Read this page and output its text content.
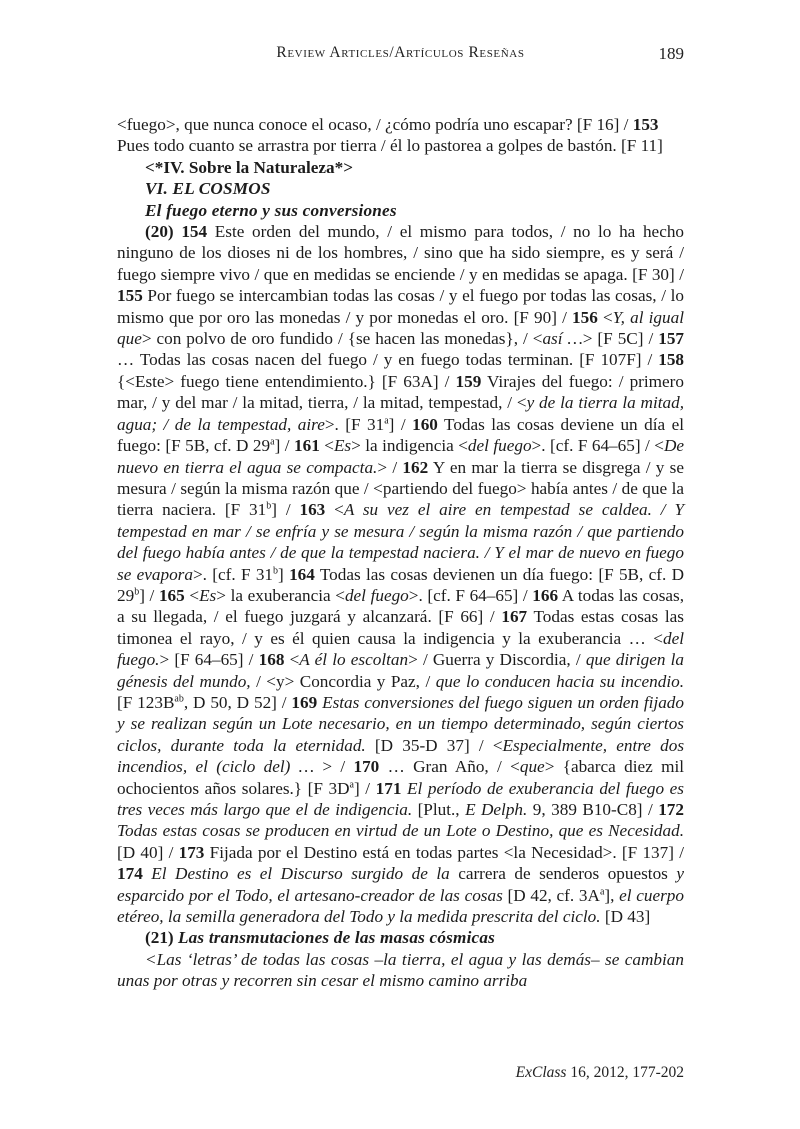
Review Articles/Artículos Reseñas	189

<fuego>, que nunca conoce el ocaso, / ¿cómo podría uno escapar? [F 16] / 153

Pues todo cuanto se arrastra por tierra / él lo pastorea a golpes de bastón. [F 11]

<*IV. Sobre la Naturaleza*>

VI. EL COSMOS

El fuego eterno y sus conversiones

(20) 154 Este orden del mundo, / el mismo para todos, / no lo ha hecho ninguno de los dioses ni de los hombres, / sino que ha sido siempre, es y será / fuego siempre vivo / que en medidas se enciende / y en medidas se apaga. [F 30] / 155 Por fuego se intercambian todas las cosas / y el fuego por todas las cosas, / lo mismo que por oro las monedas / y por monedas el oro. [F 90] / 156 <Y, al igual que> con polvo de oro fundido / {se hacen las monedas}, / <así …> [F 5C] / 157 … Todas las cosas nacen del fuego / y en fuego todas terminan. [F 107F] / 158 {<Este> fuego tiene entendimiento.} [F 63A] / 159 Virajes del fuego: / primero mar, / y del mar / la mitad, tierra, / la mitad, tempestad, / <y de la tierra la mitad, agua; / de la tempestad, aire>. [F 31$^a$] / 160 Todas las cosas deviene un día el fuego: [F 5B, cf. D 29$^a$] / 161 <Es> la indigencia <del fuego>. [cf. F 64–65] / <De nuevo en tierra el agua se compacta.> / 162 Y en mar la tierra se disgrega / y se mesura / según la misma razón que / <partiendo del fuego> había antes / de que la tierra naciera. [F 31$^b$] / 163 <A su vez el aire en tempestad se caldea. / Y tempestad en mar / se enfría y se mesura / según la misma razón / que partiendo del fuego había antes / de que la tempestad naciera. / Y el mar de nuevo en fuego se evapora>. [cf. F 31$^b$] 164 Todas las cosas devienen un día fuego: [F 5B, cf. D 29$^b$] / 165 <Es> la exuberancia <del fuego>. [cf. F 64–65] / 166 A todas las cosas, a su llegada, / el fuego juzgará y alcanzará. [F 66] / 167 Todas estas cosas las timonea el rayo, / y es él quien causa la indigencia y la exuberancia … <del fuego.> [F 64–65] / 168 <A él lo escoltan> / Guerra y Discordia, / que dirigen la génesis del mundo, / <y> Concordia y Paz, / que lo conducen hacia su incendio. [F $123B^{ab}$, D 50, D 52] / 169 Estas conversiones del fuego siguen un orden fijado y se realizan según un Lote necesario, en un tiempo determinado, según ciertos ciclos, durante toda la eternidad. [D 35-D 37] / <Especialmente, entre dos incendios, el (ciclo del) … > / 170 … Gran Año, / <que> {abarca diez mil ochocientos años solares.} [F $3D^a] / 171$ El período de exuberancia del fuego es tres veces más largo que el de indigencia. [Plut., E Delph. 9, 389 B10-C8] / 172 Todas estas cosas se producen en virtud de un Lote o Destino, que es Necesidad. [D 40] / 173 Fijada por el Destino está en todas partes <la Necesidad>. [F 137] / 174 El Destino es el Discurso surgido de la carrera de senderos opuestos y esparcido por el Todo, el artesano-creador de las cosas [D 42, cf. $3A^a$], el cuerpo etéreo, la semilla generadora del Todo y la medida prescrita del ciclo. [D 43]

(21) Las transmutaciones de las masas cósmicas

<Las ‘letras’ de todas las cosas –la tierra, el agua y las demás– se cambian unas por otras y recorren sin cesar el mismo camino arriba

ExClass 16, 2012, 177-202
